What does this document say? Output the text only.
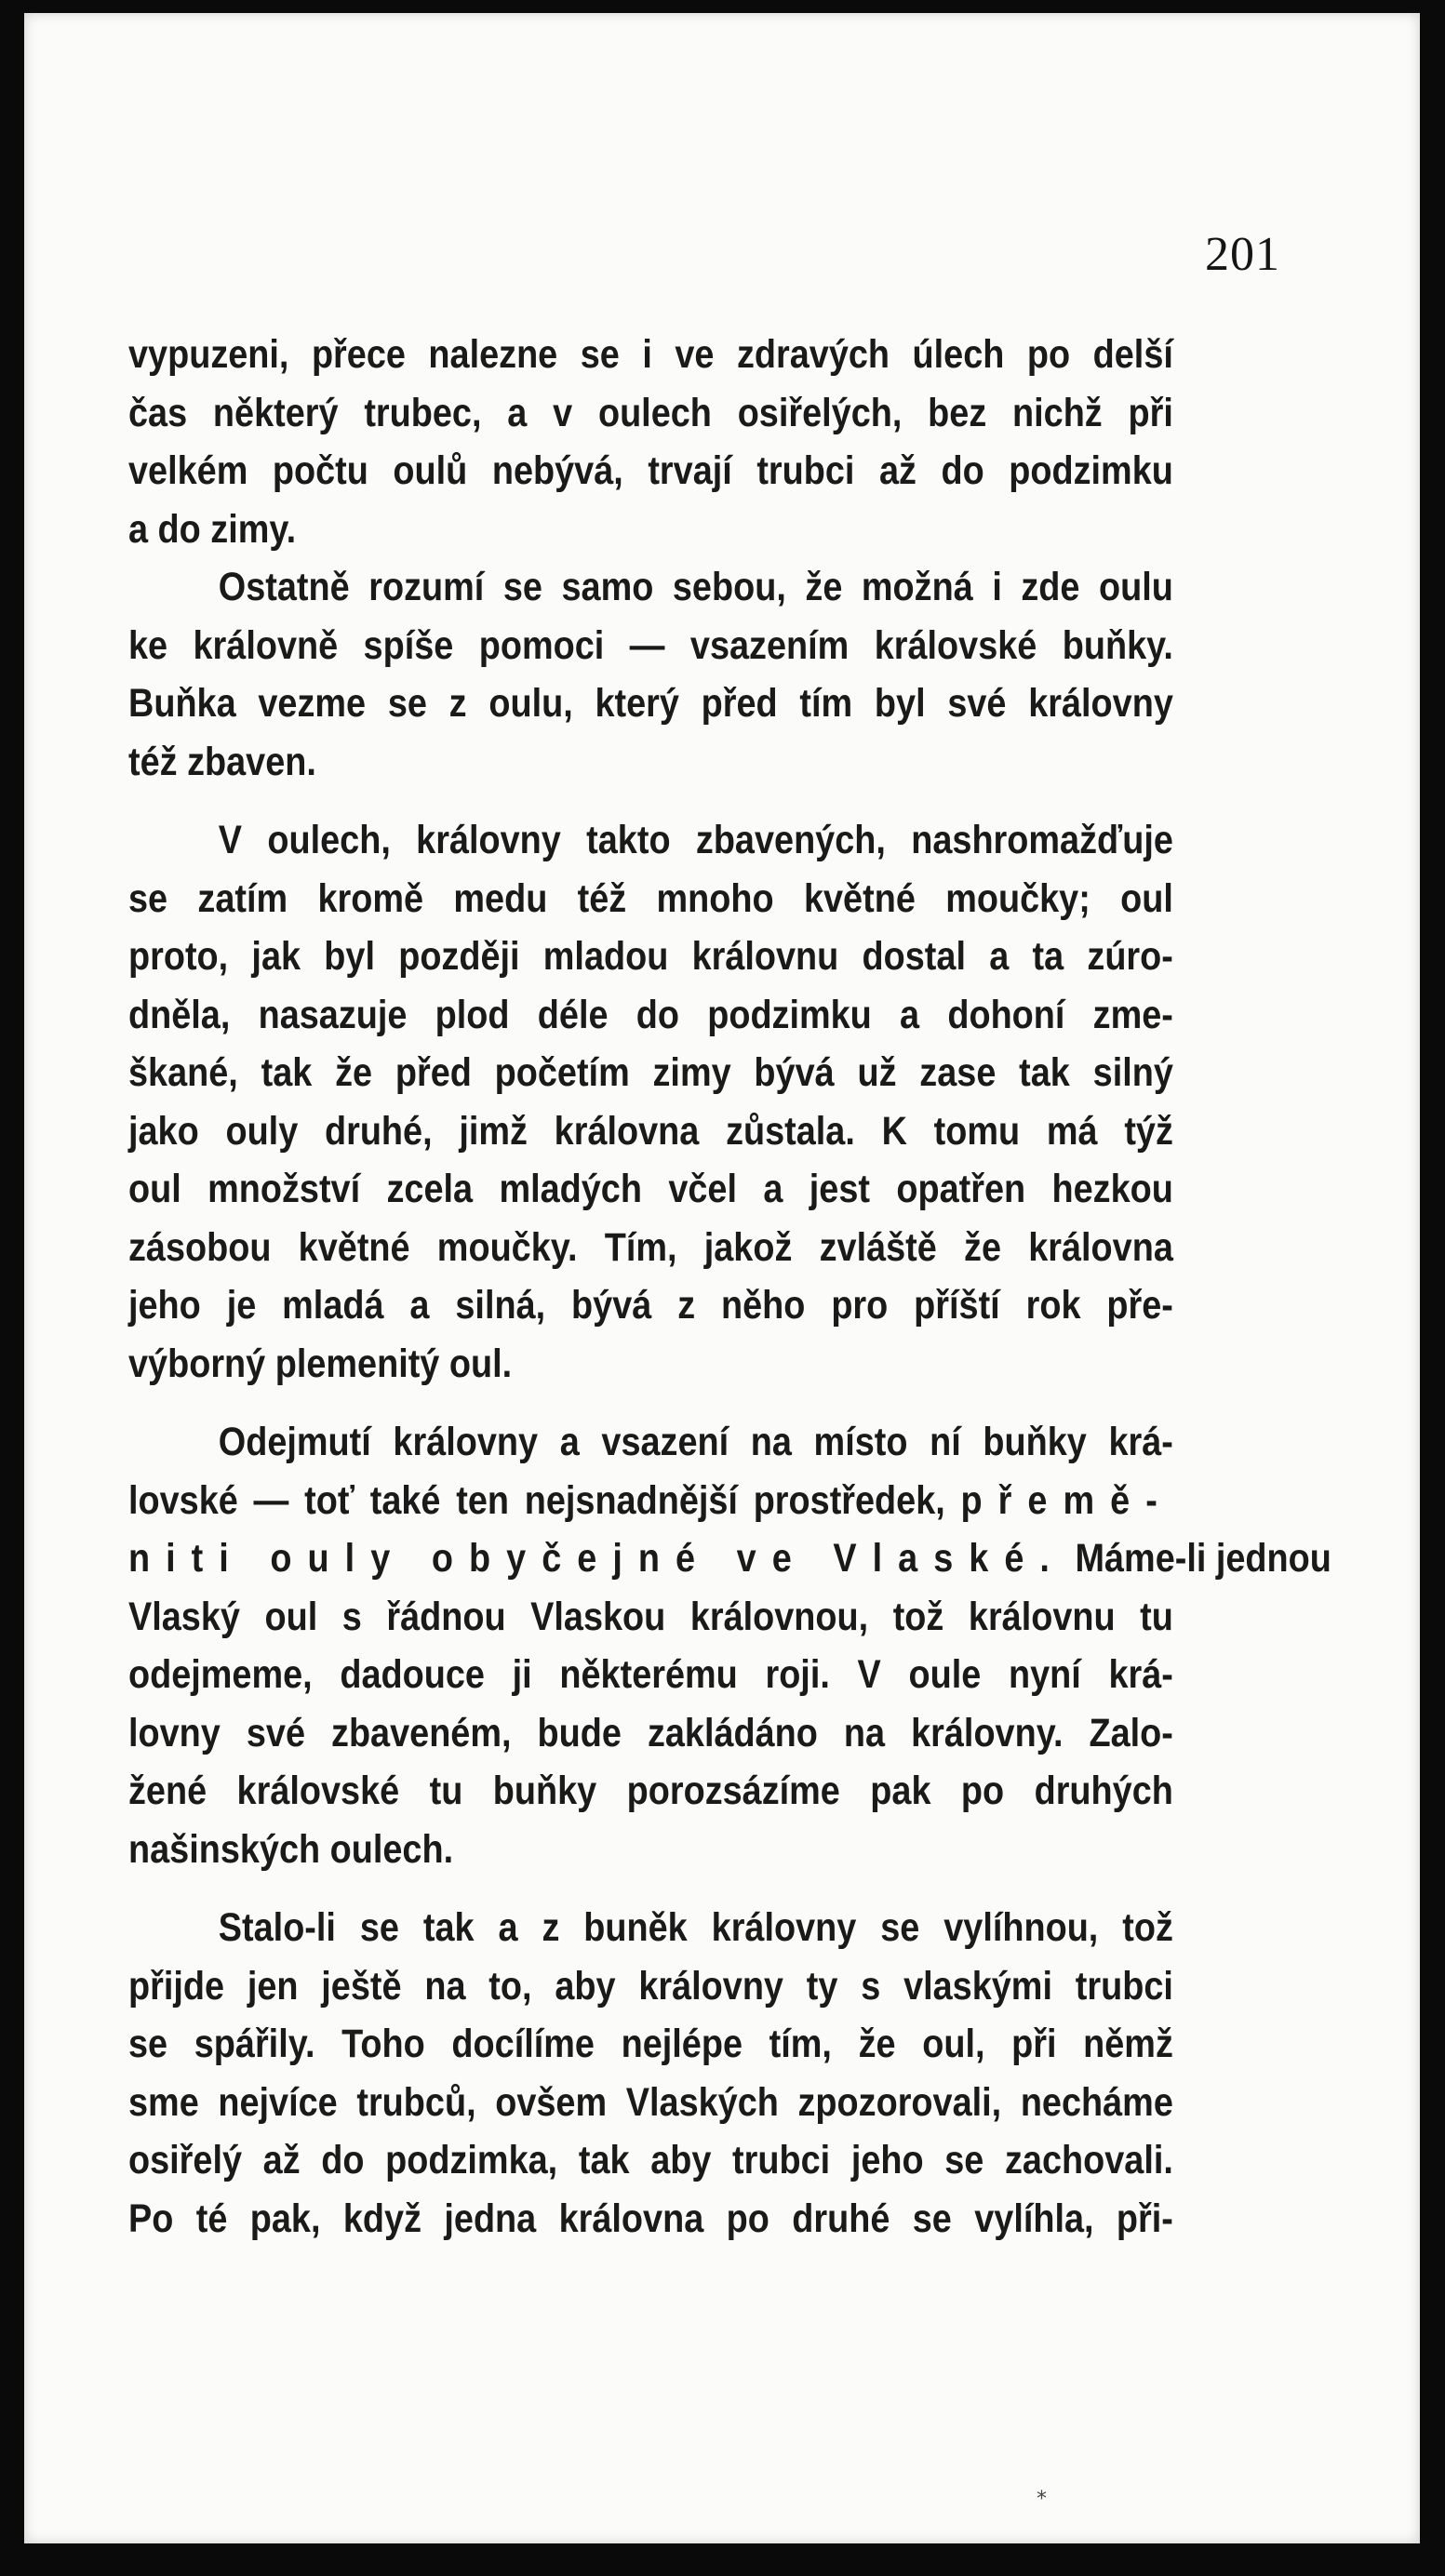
201
vypuzeni, přece nalezne se i ve zdravých úlech po delší
čas některý trubec, a v oulech osiřelých, bez nichž při
velkém počtu oulů nebývá, trvají trubci až do podzimku
a do zimy.
Ostatně rozumí se samo sebou, že možná i zde oulu
ke královně spíše pomoci — vsazením královské buňky.
Buňka vezme se z oulu, který před tím byl své královny
též zbaven.
V oulech, královny takto zbavených, nashromažďuje
se zatím kromě medu též mnoho květné moučky; oul
proto, jak byl později mladou královnu dostal a ta zúro-
dněla, nasazuje plod déle do podzimku a dohoní zme-
škané, tak že před početím zimy bývá už zase tak silný
jako ouly druhé, jimž královna zůstala. K tomu má týž
oul množství zcela mladých včel a jest opatřen hezkou
zásobou květné moučky. Tím, jakož zvláště že královna
jeho je mladá a silná, bývá z něho pro příští rok pře-
výborný plemenitý oul.
Odejmutí královny a vsazení na místo ní buňky krá-
lovské — toť také ten nejsnadnější prostředek, přemě-
niti ouly obyčejné ve Vlaské. Máme-li jednou
Vlaský oul s řádnou Vlaskou královnou, tož královnu tu
odejmeme, dadouce ji některému roji. V oule nyní krá-
lovny své zbaveném, bude zakládáno na královny. Zalo-
žené královské tu buňky porozsázíme pak po druhých
našinských oulech.
Stalo-li se tak a z buněk královny se vylíhnou, tož
přijde jen ještě na to, aby královny ty s vlaskými trubci
se spářily. Toho docílíme nejlépe tím, že oul, při němž
sme nejvíce trubců, ovšem Vlaských zpozorovali, necháme
osiřelý až do podzimka, tak aby trubci jeho se zachovali.
Po té pak, když jedna královna po druhé se vylíhla, při-
*
